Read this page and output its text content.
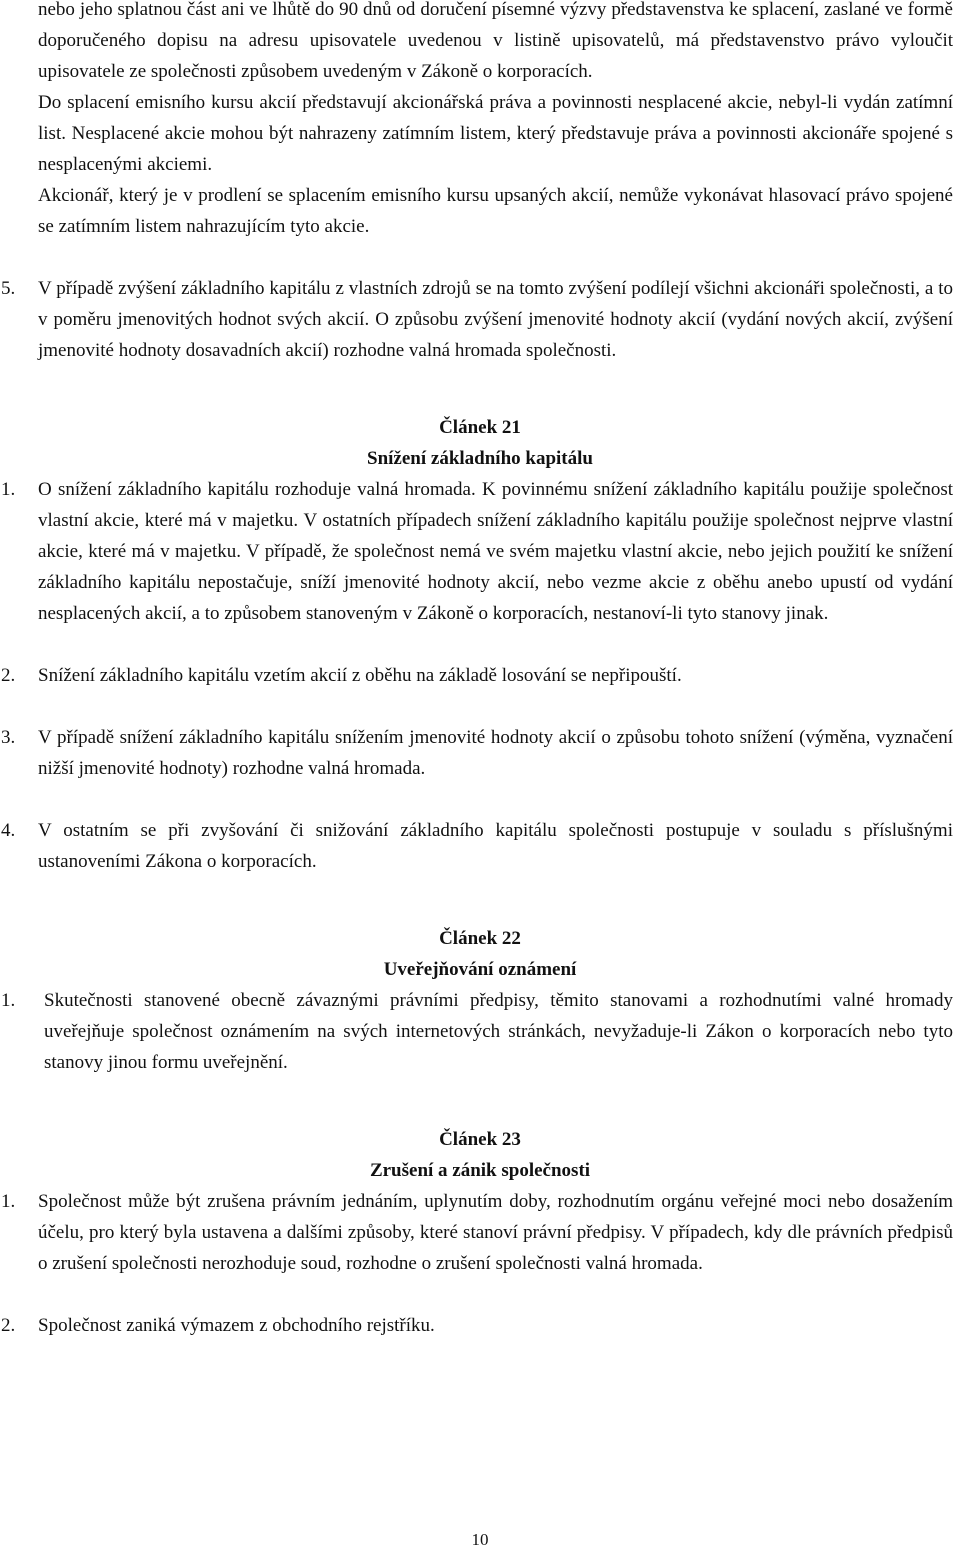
nebo jeho splatnou část ani ve lhůtě do 90 dnů od doručení písemné výzvy představenstva ke splacení, zaslané ve formě doporučeného dopisu na adresu upisovatele uvedenou v listině upisovatelů, má představenstvo právo vyloučit upisovatele ze společnosti způsobem uvedeným v Zákoně o korporacích.

Do splacení emisního kursu akcií představují akcionářská práva a povinnosti nesplacené akcie, nebyl-li vydán zatímní list. Nesplacené akcie mohou být nahrazeny zatímním listem, který představuje práva a povinnosti akcionáře spojené s nesplacenými akciemi.

Akcionář, který je v prodlení se splacením emisního kursu upsaných akcií, nemůže vykonávat hlasovací právo spojené se zatímním listem nahrazujícím tyto akcie.

5. V případě zvýšení základního kapitálu z vlastních zdrojů se na tomto zvýšení podílejí všichni akcionáři společnosti, a to v poměru jmenovitých hodnot svých akcií. O způsobu zvýšení jmenovité hodnoty akcií (vydání nových akcií, zvýšení jmenovité hodnoty dosavadních akcií) rozhodne valná hromada společnosti.

Článek 21

Snížení základního kapitálu

1. O snížení základního kapitálu rozhoduje valná hromada. K povinnému snížení základního kapitálu použije společnost vlastní akcie, které má v majetku. V ostatních případech snížení základního kapitálu použije společnost nejprve vlastní akcie, které má v majetku. V případě, že společnost nemá ve svém majetku vlastní akcie, nebo jejich použití ke snížení základního kapitálu nepostačuje, sníží jmenovité hodnoty akcií, nebo vezme akcie z oběhu anebo upustí od vydání nesplacených akcií, a to způsobem stanoveným v Zákoně o korporacích, nestanoví-li tyto stanovy jinak.
2. Snížení základního kapitálu vzetím akcií z oběhu na základě losování se nepřipouští.
3. V případě snížení základního kapitálu snížením jmenovité hodnoty akcií o způsobu tohoto snížení (výměna, vyznačení nižší jmenovité hodnoty) rozhodne valná hromada.
4. V ostatním se při zvyšování či snižování základního kapitálu společnosti postupuje v souladu s příslušnými ustanoveními Zákona o korporacích.

Článek 22

Uveřejňování oznámení

1. Skutečnosti stanovené obecně závaznými právními předpisy, těmito stanovami a rozhodnutími valné hromady uveřejňuje společnost oznámením na svých internetových stránkách, nevyžaduje-li Zákon o korporacích nebo tyto stanovy jinou formu uveřejnění.

Článek 23

Zrušení a zánik společnosti

1. Společnost může být zrušena právním jednáním, uplynutím doby, rozhodnutím orgánu veřejné moci nebo dosažením účelu, pro který byla ustavena a dalšími způsoby, které stanoví právní předpisy. V případech, kdy dle právních předpisů o zrušení společnosti nerozhoduje soud, rozhodne o zrušení společnosti valná hromada.
2. Společnost zaniká výmazem z obchodního rejstříku.
10
